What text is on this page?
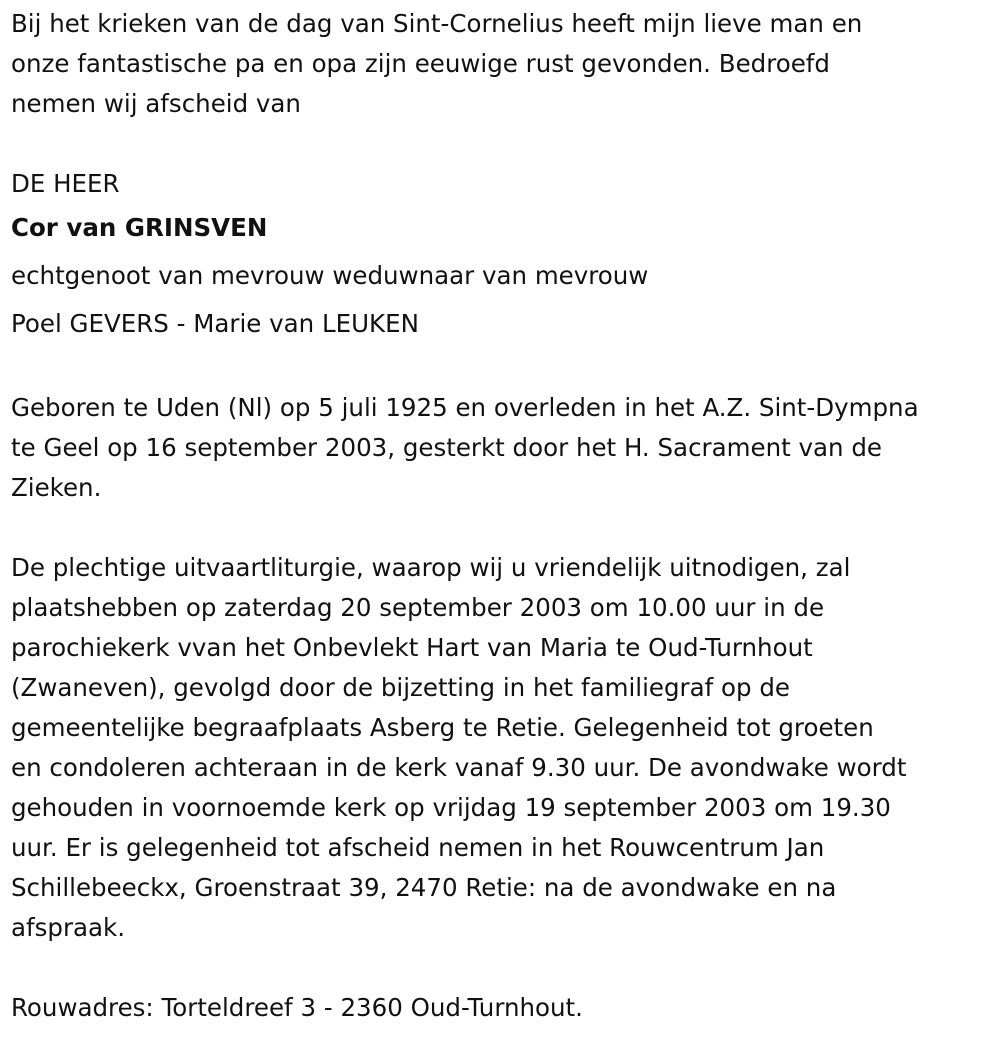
Bij het krieken van de dag van Sint-Cornelius heeft mijn lieve man en
onze fantastische pa en opa zijn eeuwige rust gevonden. Bedroefd
nemen wij afscheid van

DE HEER
Cor van GRINSVEN
echtgenoot van mevrouw weduwnaar van mevrouw
Poel GEVERS - Marie van LEUKEN

Geboren te Uden (Nl) op 5 juli 1925 en overleden in het A.Z. Sint-Dympna
te Geel op 16 september 2003, gesterkt door het H. Sacrament van de
Zieken.

De plechtige uitvaartliturgie, waarop wij u vriendelijk uitnodigen, zal
plaatshebben op zaterdag 20 september 2003 om 10.00 uur in de
parochiekerk vvan het Onbevlekt Hart van Maria te Oud-Turnhout
(Zwaneven), gevolgd door de bijzetting in het familiegraf op de
gemeentelijke begraafplaats Asberg te Retie. Gelegenheid tot groeten
en condoleren achteraan in de kerk vanaf 9.30 uur. De avondwake wordt
gehouden in voornoemde kerk op vrijdag 19 september 2003 om 19.30
uur. Er is gelegenheid tot afscheid nemen in het Rouwcentrum Jan
Schillebeeckx, Groenstraat 39, 2470 Retie: na de avondwake en na
afspraak.

Rouwadres: Torteldreef 3 - 2360 Oud-Turnhout.
